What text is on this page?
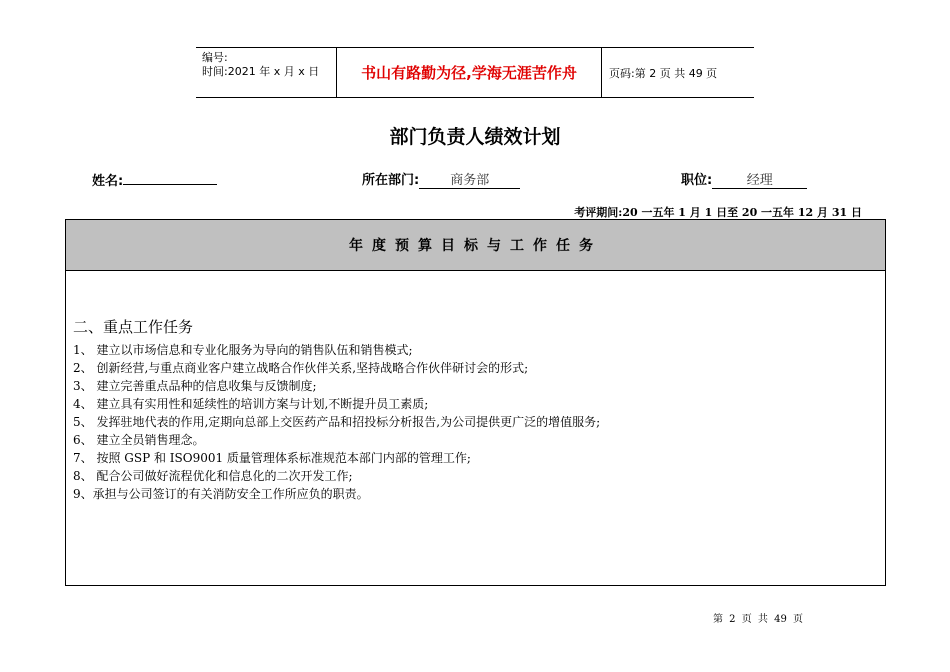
编号:
时间:2021 年 x 月 x 日	书山有路勤为径,学海无涯苦作舟	页码:第 2 页 共 49 页
部门负责人绩效计划
姓名:	所在部门: 商务部	职位:	经理
考评期间:20 一五年 1 月 1 日至 20 一五年 12 月 31 日
年度预算目标与工作任务
二、重点工作任务
1、 建立以市场信息和专业化服务为导向的销售队伍和销售模式;
2、 创新经营,与重点商业客户建立战略合作伙伴关系,坚持战略合作伙伴研讨会的形式;
3、 建立完善重点品种的信息收集与反馈制度;
4、 建立具有实用性和延续性的培训方案与计划,不断提升员工素质;
5、 发挥驻地代表的作用,定期向总部上交医药产品和招投标分析报告,为公司提供更广泛的增值服务;
6、 建立全员销售理念。
7、 按照 GSP 和 ISO9001 质量管理体系标准规范本部门内部的管理工作;
8、 配合公司做好流程优化和信息化的二次开发工作;
9、承担与公司签订的有关消防安全工作所应负的职责。
第 2 页 共 49 页
